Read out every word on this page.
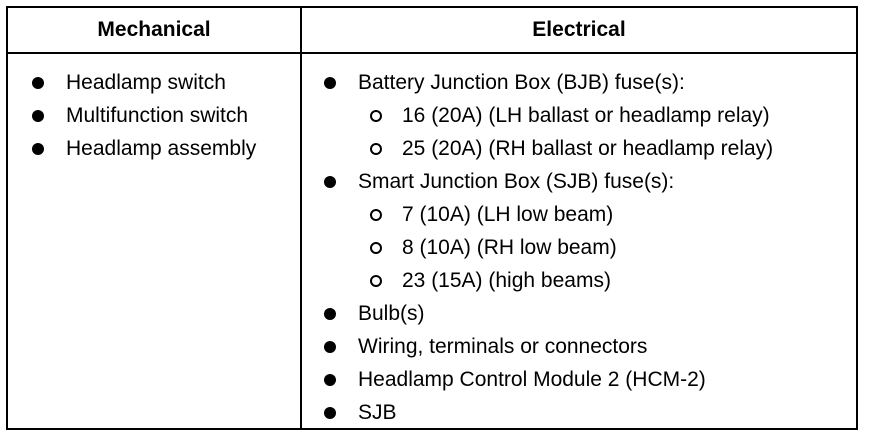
Mechanical	Electrical
Headlamp switch
Multifunction switch
Headlamp assembly
Battery Junction Box (BJB) fuse(s):
16 (20A) (LH ballast or headlamp relay)
25 (20A) (RH ballast or headlamp relay)
Smart Junction Box (SJB) fuse(s):
7 (10A) (LH low beam)
8 (10A) (RH low beam)
23 (15A) (high beams)
Bulb(s)
Wiring, terminals or connectors
Headlamp Control Module 2 (HCM-2)
SJB
